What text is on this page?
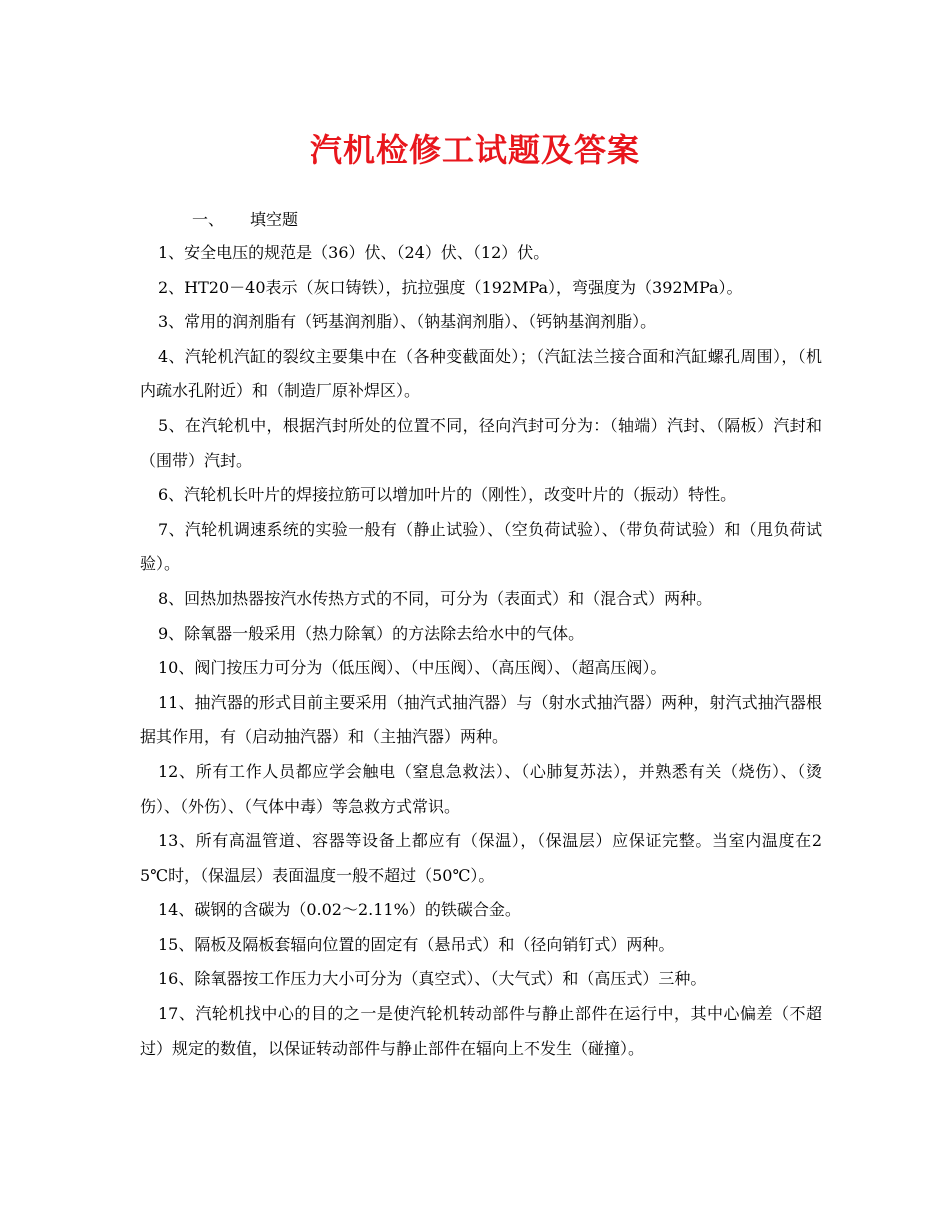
汽机检修工试题及答案
一、 填空题

1、安全电压的规范是（36）伏、（24）伏、（12）伏。

2、HT20－40表示（灰口铸铁），抗拉强度（192MPa），弯强度为（392MPa）。

3、常用的润剂脂有（钙基润剂脂）、（钠基润剂脂）、（钙钠基润剂脂）。

4、汽轮机汽缸的裂纹主要集中在（各种变截面处）；（汽缸法兰接合面和汽缸螺孔周围），（机内疏水孔附近）和（制造厂原补焊区）。

5、在汽轮机中，根据汽封所处的位置不同，径向汽封可分为：（轴端）汽封、（隔板）汽封和（围带）汽封。

6、汽轮机长叶片的焊接拉筋可以增加叶片的（刚性），改变叶片的（振动）特性。

7、汽轮机调速系统的实验一般有（静止试验）、（空负荷试验）、（带负荷试验）和（甩负荷试验）。

8、回热加热器按汽水传热方式的不同，可分为（表面式）和（混合式）两种。

9、除氧器一般采用（热力除氧）的方法除去给水中的气体。

10、阀门按压力可分为（低压阀）、（中压阀）、（高压阀）、（超高压阀）。

11、抽汽器的形式目前主要采用（抽汽式抽汽器）与（射水式抽汽器）两种，射汽式抽汽器根据其作用，有（启动抽汽器）和（主抽汽器）两种。

12、所有工作人员都应学会触电（窒息急救法）、（心肺复苏法），并熟悉有关（烧伤）、（烫伤）、（外伤）、（气体中毒）等急救方式常识。

13、所有高温管道、容器等设备上都应有（保温），（保温层）应保证完整。当室内温度在25℃时，（保温层）表面温度一般不超过（50℃）。

14、碳钢的含碳为（0.02～2.11%）的铁碳合金。

15、隔板及隔板套辐向位置的固定有（悬吊式）和（径向销钉式）两种。

16、除氧器按工作压力大小可分为（真空式）、（大气式）和（高压式）三种。

17、汽轮机找中心的目的之一是使汽轮机转动部件与静止部件在运行中，其中心偏差（不超过）规定的数值，以保证转动部件与静止部件在辐向上不发生（碰撞）。
